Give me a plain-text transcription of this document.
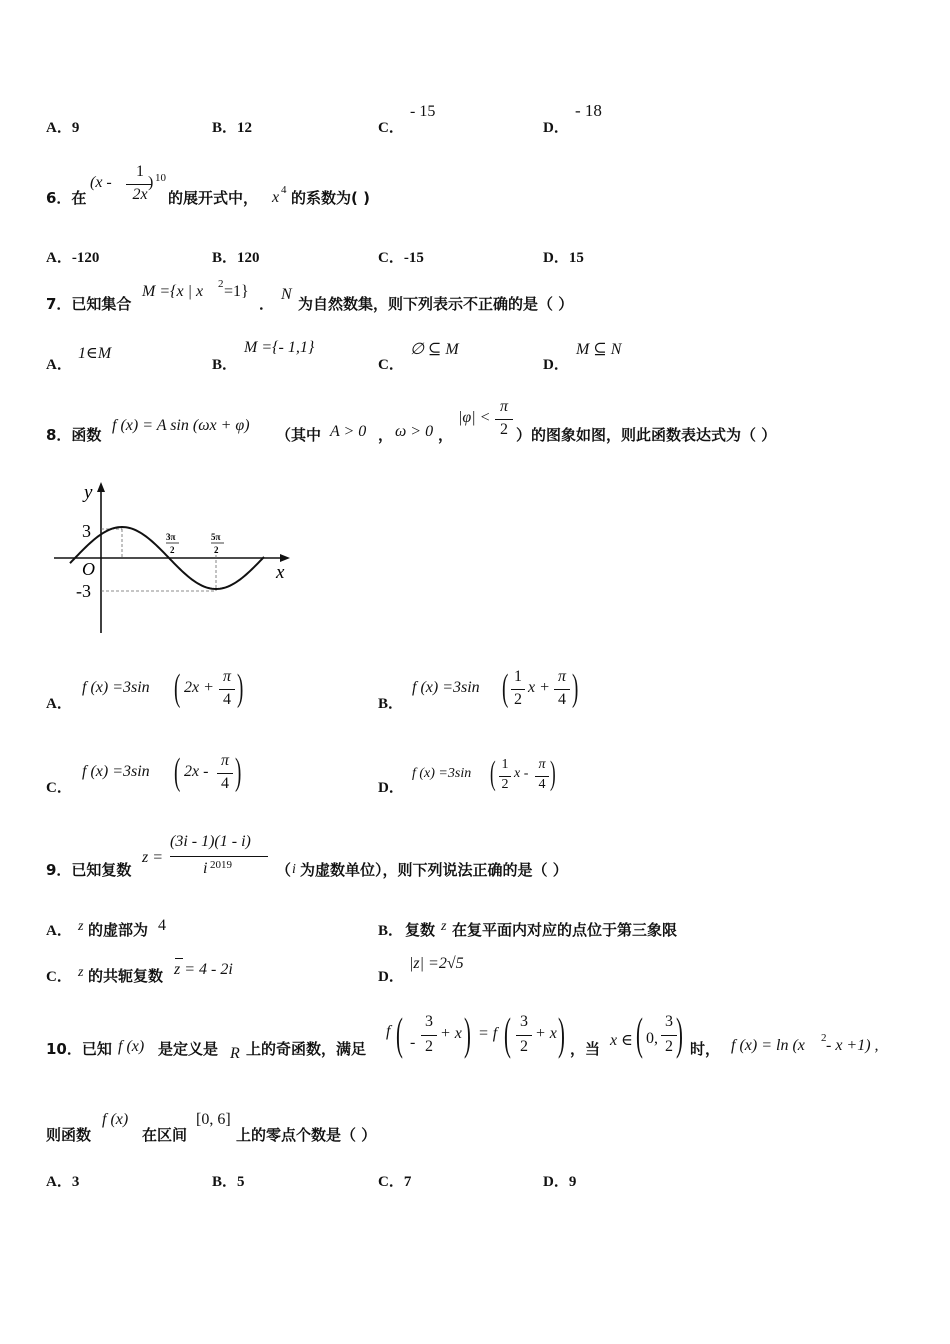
A．9	B．12	C．
- 15
D．
- 18
6．在
(x -
1
2x
) 10
的展开式中， x 4 的系数为( )
A．-120	B．120	C．-15	D．15
7．已知集合
M ={x | x 2 =1}
．
N
为自然数集，则下列表示不正确的是（ ）
A．
1∈M
B．
M ={- 1,1}
C．
∅ ⊆ M
D．
M ⊆ N
8．函数
f (x) = A sin (ωx + φ)
（其中 A > 0 ， ω > 0 ，
|φ| <
π
2 ）的图象如图，则此函数表达式为（ ）
y
x
O
3
-3
3π
2
5π
2
A．
f (x) =3sin ( 2x +
π
4 )	B．
f (x) =3sin ( 1
2
x +
π
4 )
C．
f (x) =3sin ( 2x -
π
4 )	D．
f (x) =3sin ( 1
2
x -
π
4 )
9．已知复数
z =
(3i - 1)(1 - i)
i 2019	（ i 为虚数单位），则下列说法正确的是（ ）
A． z 的虚部为 4	B． 复数 z 在复平面内对应的点位于第三象限
C． z 的共轭复数 z = 4 - 2i	D．
|z| =2√5
10．已知 f (x) 是定义是 R 上的奇函数，满足
f ( -
3
2
+ x ) = f ( 3
2
+ x ) ，当 x ∈ ( 0,
3
2 ) 时， f (x) = ln (x 2 - x +1) ,
则函数
f (x)
在区间
[0, 6]
上的零点个数是（ ）
A．3	B．5	C．7	D．9
